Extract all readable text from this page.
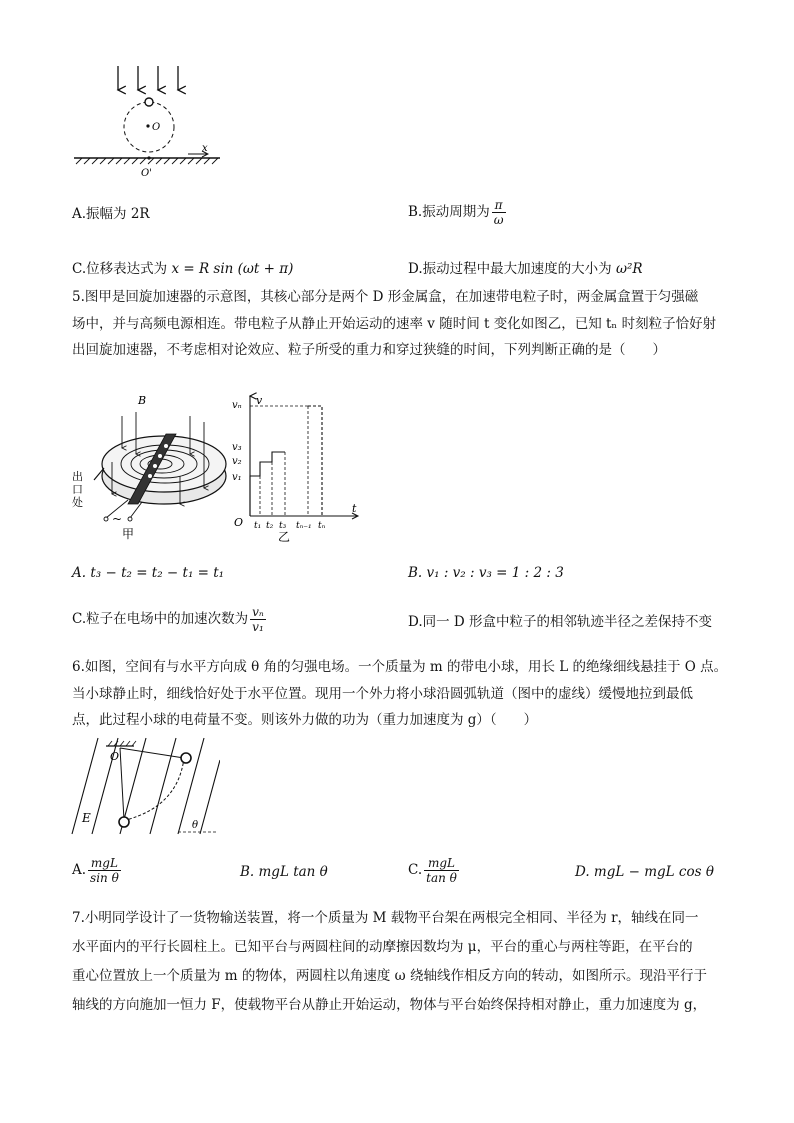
O
x
O'
A.振幅为 2R	B.振动周期为 $\frac{\pi}{\omega}$
C.位移表达式为 x = R sin (ωt + π)	D.振动过程中最大加速度的大小为 ω²R
5.图甲是回旋加速器的示意图，其核心部分是两个 D 形金属盒，在加速带电粒子时，两金属盒置于匀强磁
场中，并与高频电源相连。带电粒子从静止开始运动的速率 v 随时间 t 变化如图乙，已知 tₙ 时刻粒子恰好射
出回旋加速器，不考虑相对论效应、粒子所受的重力和穿过狭缝的时间，下列判断正确的是（　　）
出
口
处
B
~
甲
v
t
O
v₁
v₂
v₃
vₙ
t₁ t₂ t₃ tₙ₋₁ tₙ
乙
A. t₃ − t₂ = t₂ − t₁ = t₁	B. v₁ : v₂ : v₃ = 1 : 2 : 3
C.粒子在电场中的加速次数为 $\frac{\text{vₙ}}{\text{v₁}}$	D.同一 D 形盒中粒子的相邻轨迹半径之差保持不变
6.如图，空间有与水平方向成 θ 角的匀强电场。一个质量为 m 的带电小球，用长 L 的绝缘细线悬挂于 O 点。
当小球静止时，细线恰好处于水平位置。现用一个外力将小球沿圆弧轨道（图中的虚线）缓慢地拉到最低
点，此过程小球的电荷量不变。则该外力做的功为（重力加速度为 g）（　　）
O
E
θ
A. $\frac{\text{mgL}}{\text{sin θ}}$	B. mgL tan θ	C. $\frac{\text{mgL}}{\text{tan θ}}$	D. mgL − mgL cos θ
7.小明同学设计了一货物输送装置，将一个质量为 M 载物平台架在两根完全相同、半径为 r，轴线在同一
水平面内的平行长圆柱上。已知平台与两圆柱间的动摩擦因数均为 μ，平台的重心与两柱等距，在平台的
重心位置放上一个质量为 m 的物体，两圆柱以角速度 ω 绕轴线作相反方向的转动，如图所示。现沿平行于
轴线的方向施加一恒力 F，使载物平台从静止开始运动，物体与平台始终保持相对静止，重力加速度为 g，
